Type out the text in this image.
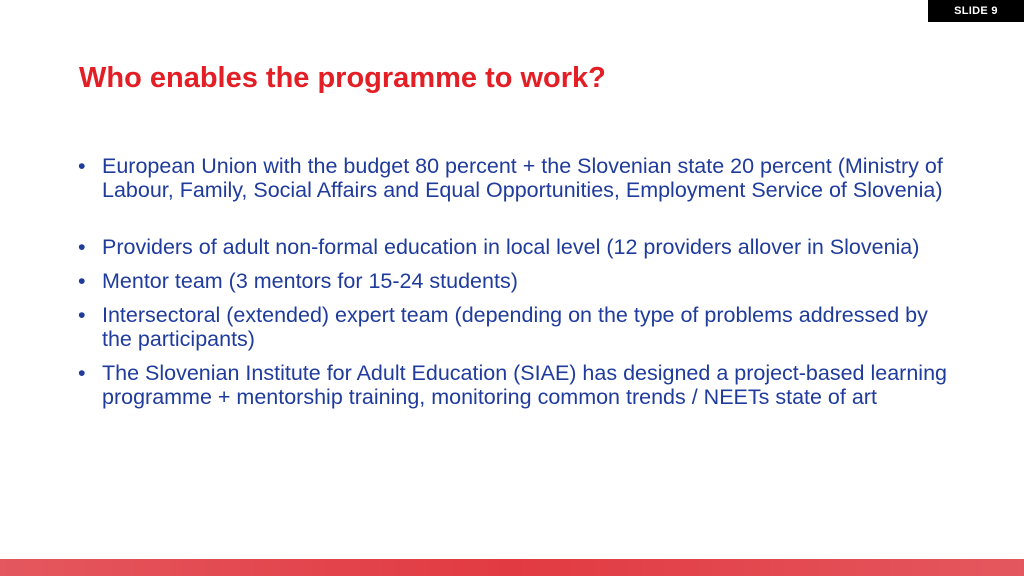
SLIDE 9
Who enables the programme to work?
• European Union with the budget 80 percent + the Slovenian state 20 percent (Ministry of Labour, Family, Social Affairs and Equal Opportunities, Employment Service of Slovenia)
• Providers of adult non-formal education in local level (12 providers allover in Slovenia)
• Mentor team (3 mentors for 15-24 students)
• Intersectoral (extended) expert team (depending on the type of problems addressed by the participants)
• The Slovenian Institute for Adult Education (SIAE) has designed a project-based learning programme + mentorship training, monitoring common trends / NEETs state of art
